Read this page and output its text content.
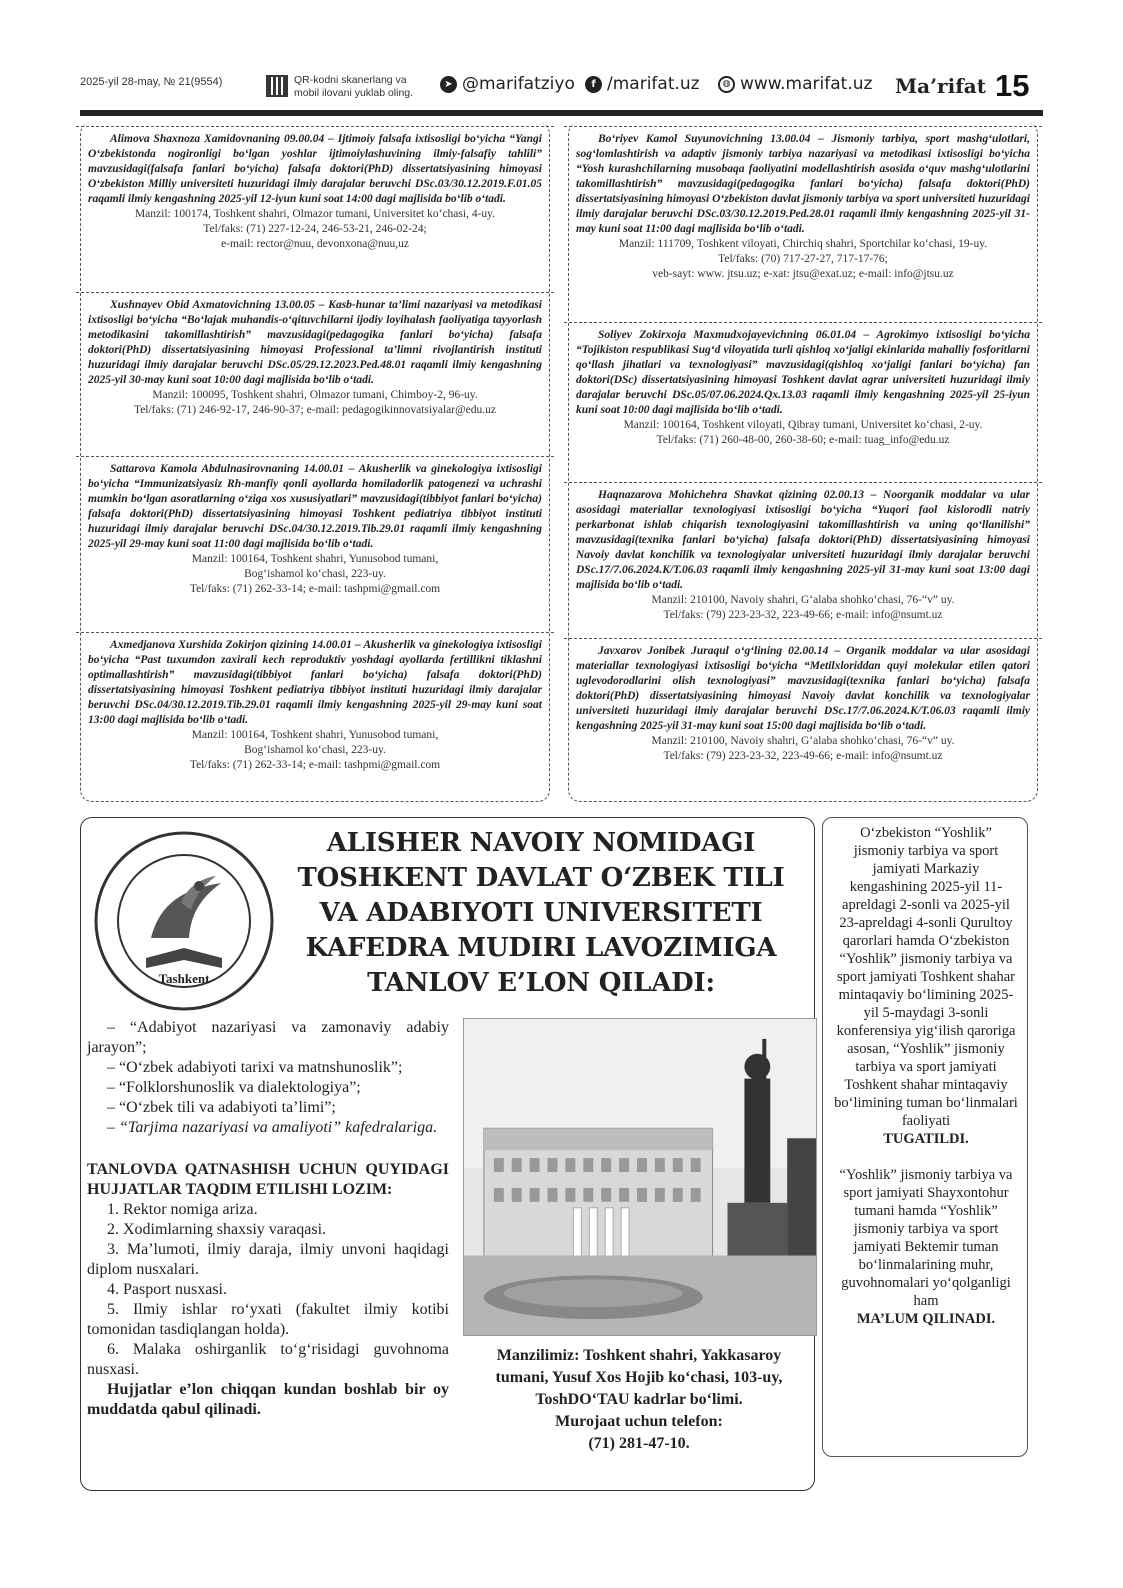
2025-yil 28-may, № 21(9554)	QR-kodni skanerlang va
mobil ilovani yuklab oling.
➤ @marifatziyo	f /marifat.uz	◍ www.marifat.uz Ma’rifat 15

Alimova Shaxnoza Xamidovnaning 09.00.04 – Ijtimoiy falsafa ixtisosligi bo‘yicha “Yangi O‘zbekistonda nogironligi bo‘lgan yoshlar ijtimoiylashuvining ilmiy-falsafiy tahlili” mavzusidagi(falsafa fanlari bo‘yicha) falsafa doktori(PhD) dissertatsiyasining himoyasi O‘zbekiston Milliy universiteti huzuridagi ilmiy darajalar beruvchi DSc.03/30.12.2019.F.01.05 raqamli ilmiy kengashning 2025-yil 12-iyun kuni soat 14:00 dagi majlisida bo‘lib o‘tadi.

Manzil: 100174, Toshkent shahri, Olmazor tumani, Universitet ko‘chasi, 4-uy.

Tel/faks: (71) 227-12-24, 246-53-21, 246-02-24;

e-mail: rector@nuu, devonxona@nuu,uz

Xushnayev Obid Axmatovichning 13.00.05 – Kasb-hunar ta’limi nazariyasi va metodikasi ixtisosligi bo‘yicha “Bo‘lajak muhandis-o‘qituvchilarni ijodiy loyihalash faoliyatiga tayyorlash metodikasini takomillashtirish” mavzusidagi(pedagogika fanlari bo‘yicha) falsafa doktori(PhD) dissertatsiyasining himoyasi Professional ta’limni rivojlantirish instituti huzuridagi ilmiy darajalar beruvchi DSc.05/29.12.2023.Ped.48.01 raqamli ilmiy kengashning 2025-yil 30-may kuni soat 10:00 dagi majlisida bo‘lib o‘tadi.

Manzil: 100095, Toshkent shahri, Olmazor tumani, Chimboy-2, 96-uy.

Tel/faks: (71) 246-92-17, 246-90-37; e-mail: pedagogikinnovatsiyalar@edu.uz

Sattarova Kamola Abdulnasirovnaning 14.00.01 – Akusherlik va ginekologiya ixtisosligi bo‘yicha “Immunizatsiyasiz Rh-manfiy qonli ayollarda homiladorlik patogenezi va uchrashi mumkin bo‘lgan asoratlarning o‘ziga xos xususiyatlari” mavzusidagi(tibbiyot fanlari bo‘yicha) falsafa doktori(PhD) dissertatsiyasining himoyasi Toshkent pediatriya tibbiyot instituti huzuridagi ilmiy darajalar beruvchi DSc.04/30.12.2019.Tib.29.01 raqamli ilmiy kengashning 2025-yil 29-may kuni soat 11:00 dagi majlisida bo‘lib o‘tadi.

Manzil: 100164, Toshkent shahri, Yunusobod tumani,

Bog‘ishamol ko‘chasi, 223-uy.

Tel/faks: (71) 262-33-14; e-mail: tashpmi@gmail.com

Axmedjanova Xurshida Zokirjon qizining 14.00.01 – Akusherlik va ginekologiya ixtisosligi bo‘yicha “Past tuxumdon zaxirali kech reproduktiv yoshdagi ayollarda fertillikni tiklashni optimallashtirish” mavzusidagi(tibbiyot fanlari bo‘yicha) falsafa doktori(PhD) dissertatsiyasining himoyasi Toshkent pediatriya tibbiyot instituti huzuridagi ilmiy darajalar beruvchi DSc.04/30.12.2019.Tib.29.01 raqamli ilmiy kengashning 2025-yil 29-may kuni soat 13:00 dagi majlisida bo‘lib o‘tadi.

Manzil: 100164, Toshkent shahri, Yunusobod tumani,

Bog‘ishamol ko‘chasi, 223-uy.

Tel/faks: (71) 262-33-14; e-mail: tashpmi@gmail.com

Bo‘riyev Kamol Suyunovichning 13.00.04 – Jismoniy tarbiya, sport mashg‘ulotlari, sog‘lomlashtirish va adaptiv jismoniy tarbiya nazariyasi va metodikasi ixtisosligi bo‘yicha “Yosh kurashchilarning musobaqa faoliyatini modellashtirish asosida o‘quv mashg‘ulotlarini takomillashtirish” mavzusidagi(pedagogika fanlari bo‘yicha) falsafa doktori(PhD) dissertatsiyasining himoyasi O‘zbekiston davlat jismoniy tarbiya va sport universiteti huzuridagi ilmiy darajalar beruvchi DSc.03/30.12.2019.Ped.28.01 raqamli ilmiy kengashning 2025-yil 31-may kuni soat 11:00 dagi majlisida bo‘lib o‘tadi.

Manzil: 111709, Toshkent viloyati, Chirchiq shahri, Sportchilar ko‘chasi, 19-uy.

Tel/faks: (70) 717-27-27, 717-17-76;

veb-sayt: www. jtsu.uz; e-xat: jtsu@exat.uz; e-mail: info@jtsu.uz

Soliyev Zokirxoja Maxmudxojayevichning 06.01.04 – Agrokimyo ixtisosligi bo‘yicha “Tojikiston respublikasi Sug‘d viloyatida turli qishloq xo‘jaligi ekinlarida mahalliy fosforitlarni qo‘llash jihatlari va texnologiyasi” mavzusidagi(qishloq xo‘jaligi fanlari bo‘yicha) fan doktori(DSc) dissertatsiyasining himoyasi Toshkent davlat agrar universiteti huzuridagi ilmiy darajalar beruvchi DSc.05/07.06.2024.Qx.13.03 raqamli ilmiy kengashning 2025-yil 25-iyun kuni soat 10:00 dagi majlisida bo‘lib o‘tadi.

Manzil: 100164, Toshkent viloyati, Qibray tumani, Universitet ko‘chasi, 2-uy.

Tel/faks: (71) 260-48-00, 260-38-60; e-mail: tuag_info@edu.uz

Haqnazarova Mohichehra Shavkat qizining 02.00.13 – Noorganik moddalar va ular asosidagi materiallar texnologiyasi ixtisosligi bo‘yicha “Yuqori faol kislorodli natriy perkarbonat ishlab chiqarish texnologiyasini takomillashtirish va uning qo‘llanilishi” mavzusidagi(texnika fanlari bo‘yicha) falsafa doktori(PhD) dissertatsiyasining himoyasi Navoiy davlat konchilik va texnologiyalar universiteti huzuridagi ilmiy darajalar beruvchi DSc.17/7.06.2024.K/T.06.03 raqamli ilmiy kengashning 2025-yil 31-may kuni soat 13:00 dagi majlisida bo‘lib o‘tadi.

Manzil: 210100, Navoiy shahri, G‘alaba shohko‘chasi, 76-“v” uy.

Tel/faks: (79) 223-23-32, 223-49-66; e-mail: info@nsumt.uz

Javxarov Jonibek Juraqul o‘g‘lining 02.00.14 – Organik moddalar va ular asosidagi materiallar texnologiyasi ixtisosligi bo‘yicha “Metilxloriddan quyi molekular etilen qatori uglevodorodlarini olish texnologiyasi” mavzusidagi(texnika fanlari bo‘yicha) falsafa doktori(PhD) dissertatsiyasining himoyasi Navoiy davlat konchilik va texnologiyalar universiteti huzuridagi ilmiy darajalar beruvchi DSc.17/7.06.2024.K/T.06.03 raqamli ilmiy kengashning 2025-yil 31-may kuni soat 15:00 dagi majlisida bo‘lib o‘tadi.

Manzil: 210100, Navoiy shahri, G‘alaba shohko‘chasi, 76-“v” uy.

Tel/faks: (79) 223-23-32, 223-49-66; e-mail: info@nsumt.uz

Tashkent
ALISHER NAVOIY NOMIDAGI TOSHKENT DAVLAT O‘ZBEK TILI VA ADABIYOTI UNIVERSITETI KAFEDRA MUDIRI LAVOZIMIGA TANLOV E’LON QILADI:

– “Adabiyot nazariyasi va zamonaviy adabiy jarayon”;

– “O‘zbek adabiyoti tarixi va matnshunoslik”;

– “Folklorshunoslik va dialektologiya”;

– “O‘zbek tili va adabiyoti ta’limi”;

– “Tarjima nazariyasi va amaliyoti” kafedralariga.

TANLOVDA QATNASHISH UCHUN QUYIDAGI HUJJATLAR TAQDIM ETILISHI LOZIM:

1. Rektor nomiga ariza.

2. Xodimlarning shaxsiy varaqasi.

3. Ma’lumoti, ilmiy daraja, ilmiy unvoni haqidagi diplom nusxalari.

4. Pasport nusxasi.

5. Ilmiy ishlar ro‘yxati (fakultet ilmiy kotibi tomonidan tasdiqlangan holda).

6. Malaka oshirganlik to‘g‘risidagi guvohnoma nusxasi.

Hujjatlar e’lon chiqqan kundan boshlab bir oy muddatda qabul qilinadi.

Manzilimiz: Toshkent shahri, Yakkasaroy tumani, Yusuf Xos Hojib ko‘chasi, 103-uy, ToshDO‘TAU kadrlar bo‘limi.

Murojaat uchun telefon:

(71) 281-47-10.

O‘zbekiston “Yoshlik” jismoniy tarbiya va sport jamiyati Markaziy kengashining 2025-yil 11-apreldagi 2-sonli va 2025-yil 23-apreldagi 4-sonli Qurultoy qarorlari hamda O‘zbekiston “Yoshlik” jismoniy tarbiya va sport jamiyati Toshkent shahar mintaqaviy bo‘limining 2025-yil 5-maydagi 3-sonli konferensiya yig‘ilish qaroriga asosan, “Yoshlik” jismoniy tarbiya va sport jamiyati Toshkent shahar mintaqaviy bo‘limining tuman bo‘linmalari faoliyati

TUGATILDI.

“Yoshlik” jismoniy tarbiya va sport jamiyati Shayxontohur tumani hamda “Yoshlik” jismoniy tarbiya va sport jamiyati Bektemir tuman bo‘linmalarining muhr, guvohnomalari yo‘qolganligi ham

MA’LUM QILINADI.
